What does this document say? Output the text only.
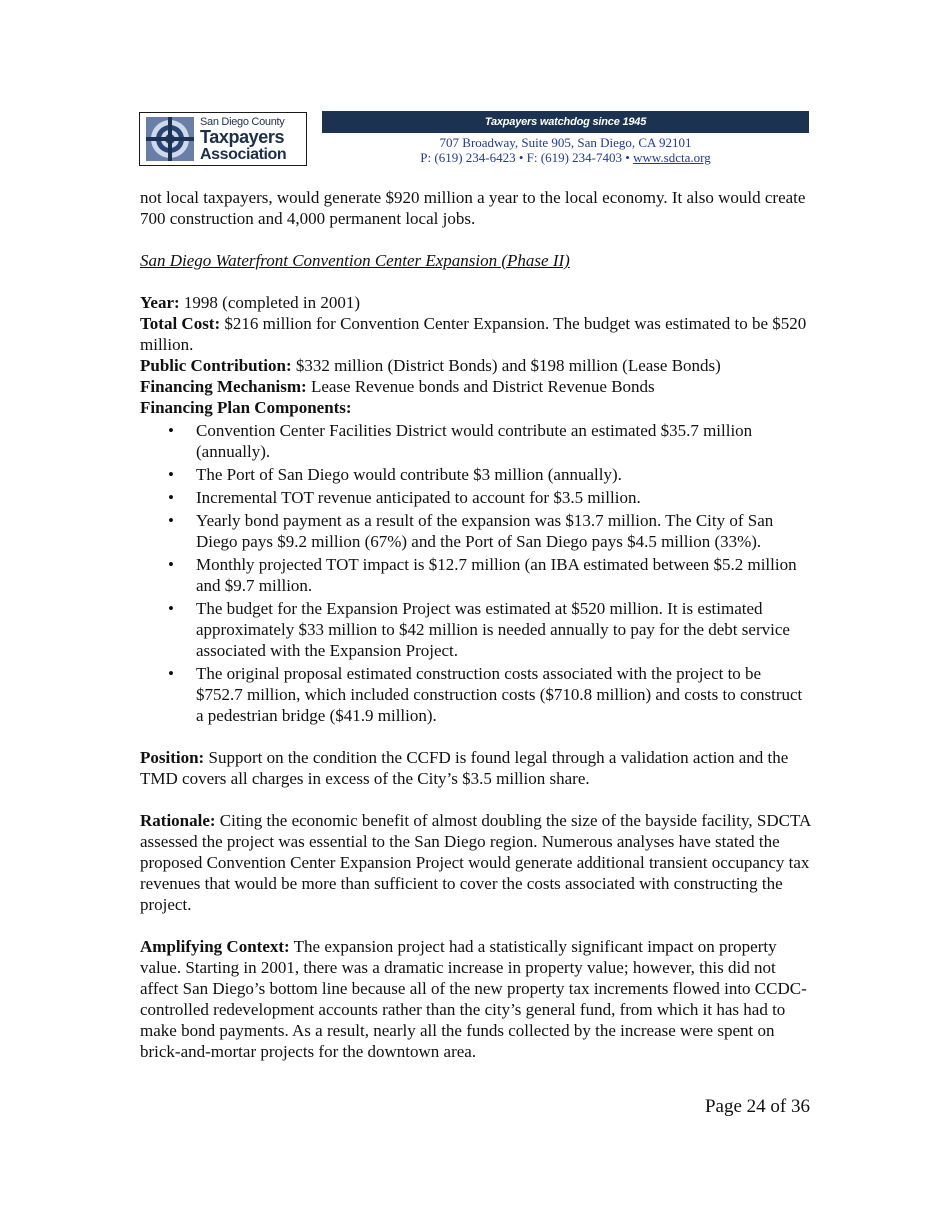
San Diego County
Taxpayers
Association
Taxpayers watchdog since 1945
707 Broadway, Suite 905, San Diego, CA 92101
P: (619) 234-6423 • F: (619) 234-7403 • www.sdcta.org

not local taxpayers, would generate $920 million a year to the local economy. It also would create 700 construction and 4,000 permanent local jobs.

San Diego Waterfront Convention Center Expansion (Phase II)

Year: 1998 (completed in 2001)

Total Cost: $216 million for Convention Center Expansion. The budget was estimated to be $520 million.

Public Contribution: $332 million (District Bonds) and $198 million (Lease Bonds)

Financing Mechanism: Lease Revenue bonds and District Revenue Bonds

Financing Plan Components:

• Convention Center Facilities District would contribute an estimated $35.7 million (annually).
• The Port of San Diego would contribute $3 million (annually).
• Incremental TOT revenue anticipated to account for $3.5 million.
• Yearly bond payment as a result of the expansion was $13.7 million. The City of San Diego pays $9.2 million (67%) and the Port of San Diego pays $4.5 million (33%).
• Monthly projected TOT impact is $12.7 million (an IBA estimated between $5.2 million and $9.7 million.
• The budget for the Expansion Project was estimated at $520 million. It is estimated approximately $33 million to $42 million is needed annually to pay for the debt service associated with the Expansion Project.
• The original proposal estimated construction costs associated with the project to be $752.7 million, which included construction costs ($710.8 million) and costs to construct a pedestrian bridge ($41.9 million).

Position: Support on the condition the CCFD is found legal through a validation action and the TMD covers all charges in excess of the City’s $3.5 million share.

Rationale: Citing the economic benefit of almost doubling the size of the bayside facility, SDCTA assessed the project was essential to the San Diego region. Numerous analyses have stated the proposed Convention Center Expansion Project would generate additional transient occupancy tax revenues that would be more than sufficient to cover the costs associated with constructing the project.

Amplifying Context: The expansion project had a statistically significant impact on property value. Starting in 2001, there was a dramatic increase in property value; however, this did not affect San Diego’s bottom line because all of the new property tax increments flowed into CCDC-controlled redevelopment accounts rather than the city’s general fund, from which it has had to make bond payments. As a result, nearly all the funds collected by the increase were spent on brick-and-mortar projects for the downtown area.

Page 24 of 36
